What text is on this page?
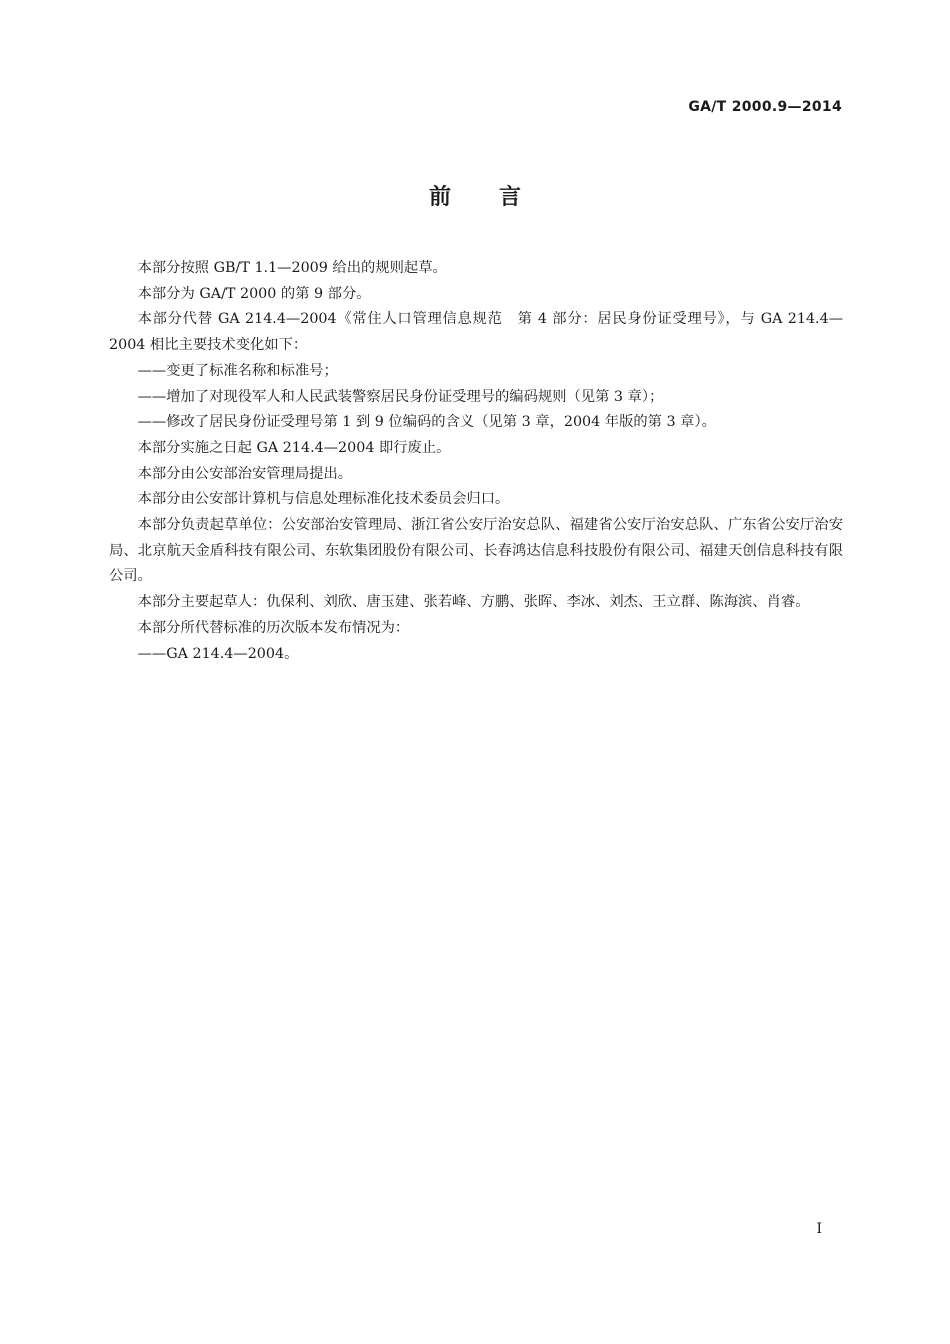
GA/T 2000.9—2014
前言

本部分按照 GB/T 1.1—2009 给出的规则起草。

本部分为 GA/T 2000 的第 9 部分。

本部分代替 GA 214.4—2004《常住人口管理信息规范　第 4 部分：居民身份证受理号》，与 GA 214.4—2004 相比主要技术变化如下：

——变更了标准名称和标准号；

——增加了对现役军人和人民武装警察居民身份证受理号的编码规则（见第 3 章）；

——修改了居民身份证受理号第 1 到 9 位编码的含义（见第 3 章，2004 年版的第 3 章）。

本部分实施之日起 GA 214.4—2004 即行废止。

本部分由公安部治安管理局提出。

本部分由公安部计算机与信息处理标准化技术委员会归口。

本部分负责起草单位：公安部治安管理局、浙江省公安厅治安总队、福建省公安厅治安总队、广东省公安厅治安局、北京航天金盾科技有限公司、东软集团股份有限公司、长春鸿达信息科技股份有限公司、福建天创信息科技有限公司。

本部分主要起草人：仇保利、刘欣、唐玉建、张若峰、方鹏、张晖、李冰、刘杰、王立群、陈海滨、肖睿。

本部分所代替标准的历次版本发布情况为：

——GA 214.4—2004。

I
